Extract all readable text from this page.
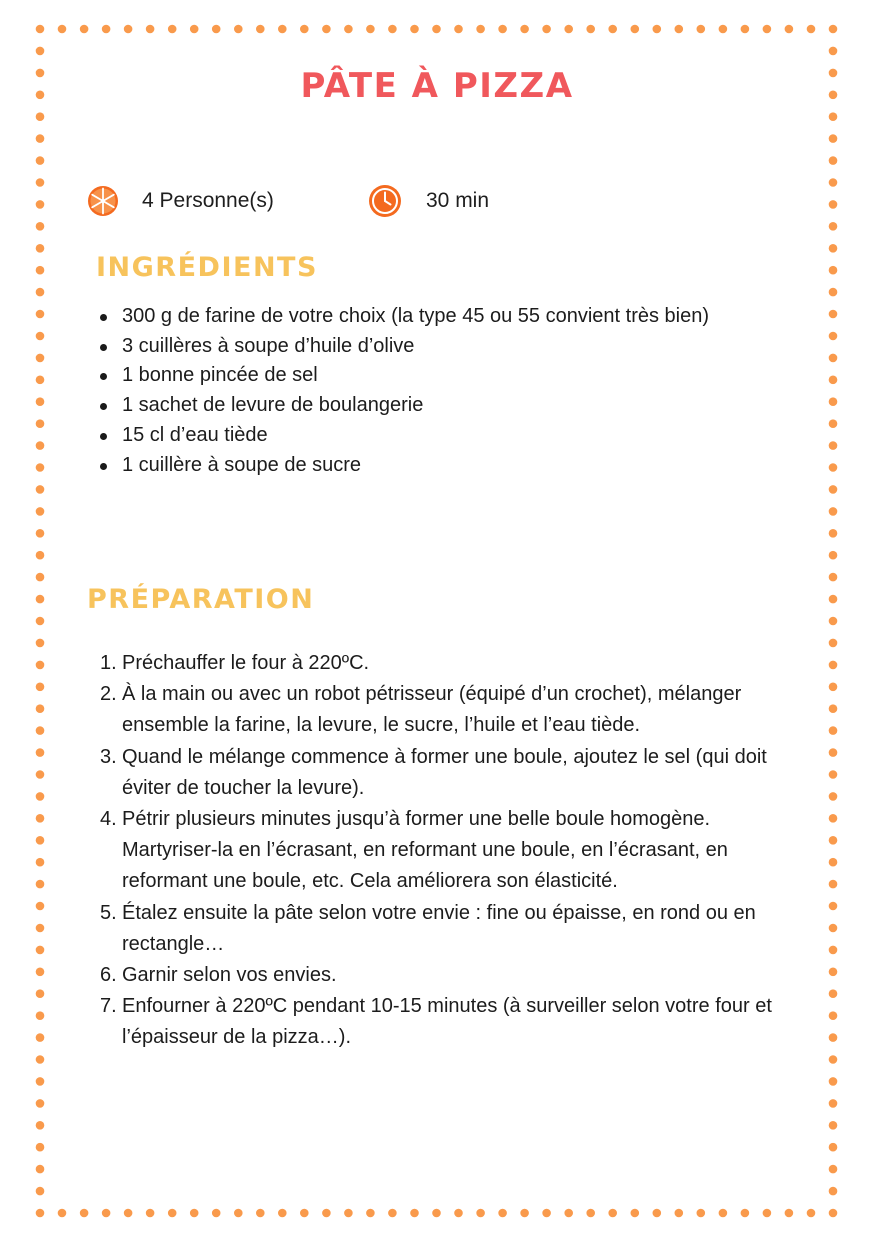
PÂTE À PIZZA
4 Personne(s)	30 min
INGRÉDIENTS
300 g de farine de votre choix (la type 45 ou 55 convient très bien)
3 cuillères à soupe d’huile d’olive
1 bonne pincée de sel
1 sachet de levure de boulangerie
15 cl d’eau tiède
1 cuillère à soupe de sucre
PRÉPARATION
1. Préchauffer le four à 220ºC.
2. À la main ou avec un robot pétrisseur (équipé d’un crochet), mélanger ensemble la farine, la levure, le sucre, l’huile et l’eau tiède.
3. Quand le mélange commence à former une boule, ajoutez le sel (qui doit éviter de toucher la levure).
4. Pétrir plusieurs minutes jusqu’à former une belle boule homogène. Martyriser-la en l’écrasant, en reformant une boule, en l’écrasant, en reformant une boule, etc. Cela améliorera son élasticité.
5. Étalez ensuite la pâte selon votre envie : fine ou épaisse, en rond ou en rectangle…
6. Garnir selon vos envies.
7. Enfourner à 220ºC pendant 10-15 minutes (à surveiller selon votre four et l’épaisseur de la pizza…).
